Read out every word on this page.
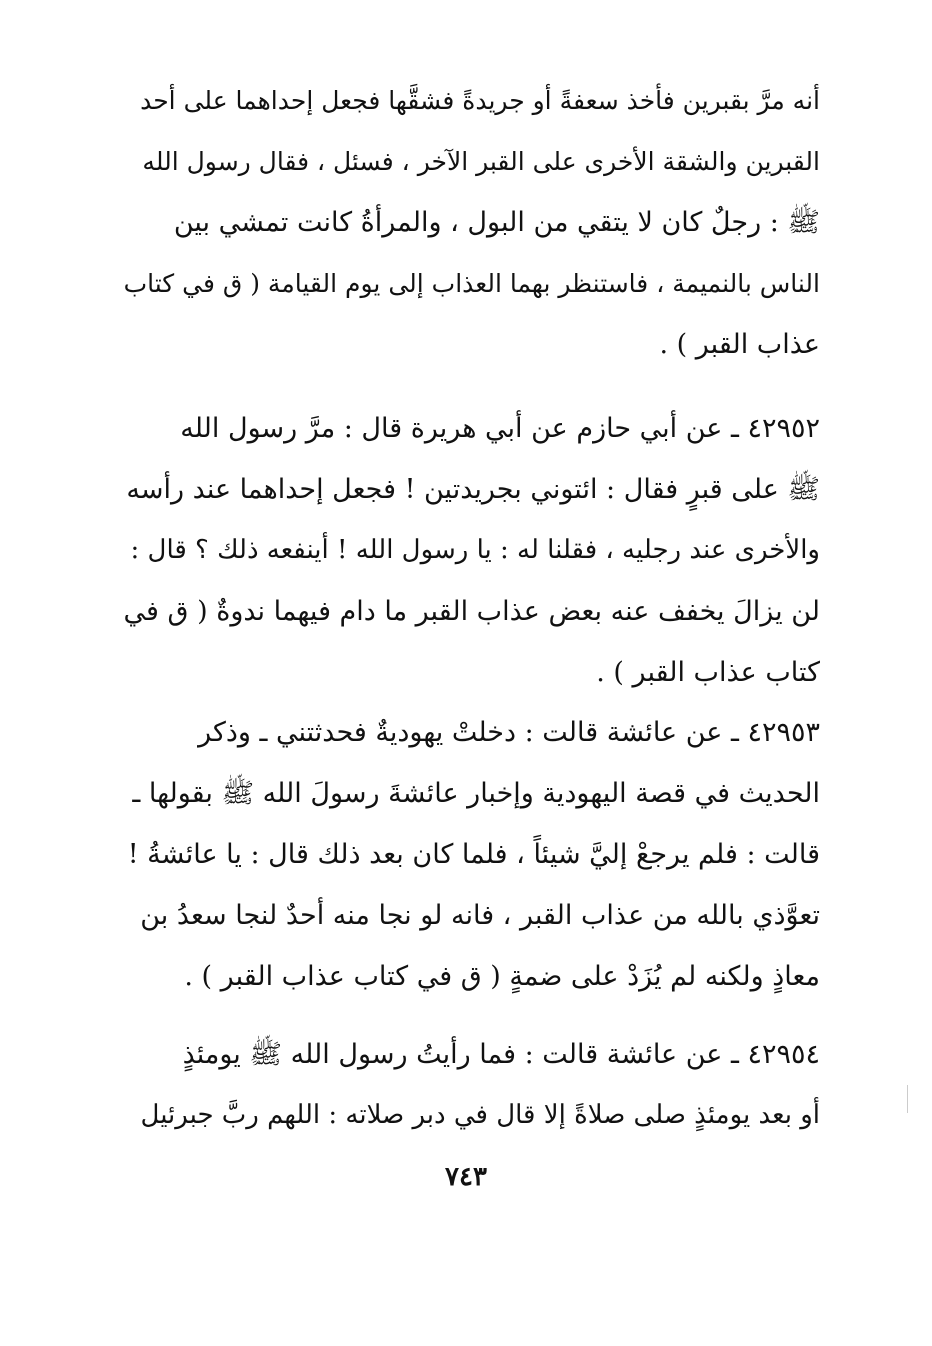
أنه مرَّ بقبرين فأخذ سعفةً أو جريدةً فشقَّها فجعل إحداهما على أحد
القبرين والشقة الأخرى على القبر الآخر ، فسئل ، فقال رسول الله
ﷺ : رجلٌ كان لا يتقي من البول ، والمرأةُ كانت تمشي بين
الناس بالنميمة ، فاستنظر بهما العذاب إلى يوم القيامة ( ق في كتاب
عذاب القبر ) .
٤٢٩٥٢ ـ عن أبي حازم عن أبي هريرة قال : مرَّ رسول الله
ﷺ على قبرٍ فقال : ائتوني بجريدتين ! فجعل إحداهما عند رأسه
والأخرى عند رجليه ، فقلنا له : يا رسول الله ! أينفعه ذلك ؟ قال :
لن يزالَ يخفف عنه بعض عذاب القبر ما دام فيهما ندوةٌ ( ق في
كتاب عذاب القبر ) .
٤٢٩٥٣ ـ عن عائشة قالت : دخلتْ يهوديةٌ فحدثتني ـ وذكر
الحديث في قصة اليهودية وإخبار عائشةَ رسولَ الله ﷺ بقولها ـ
قالت : فلم يرجعْ إليَّ شيئاً ، فلما كان بعد ذلك قال : يا عائشةُ !
تعوَّذي بالله من عذاب القبر ، فانه لو نجا منه أحدٌ لنجا سعدُ بن
معاذٍ ولكنه لم يُزَدْ على ضمةٍ ( ق في كتاب عذاب القبر ) .
٤٢٩٥٤ ـ عن عائشة قالت : فما رأيتُ رسول الله ﷺ يومئذٍ
أو بعد يومئذٍ صلى صلاةً إلا قال في دبر صلاته : اللهم ربَّ جبرئيل
٧٤٣
